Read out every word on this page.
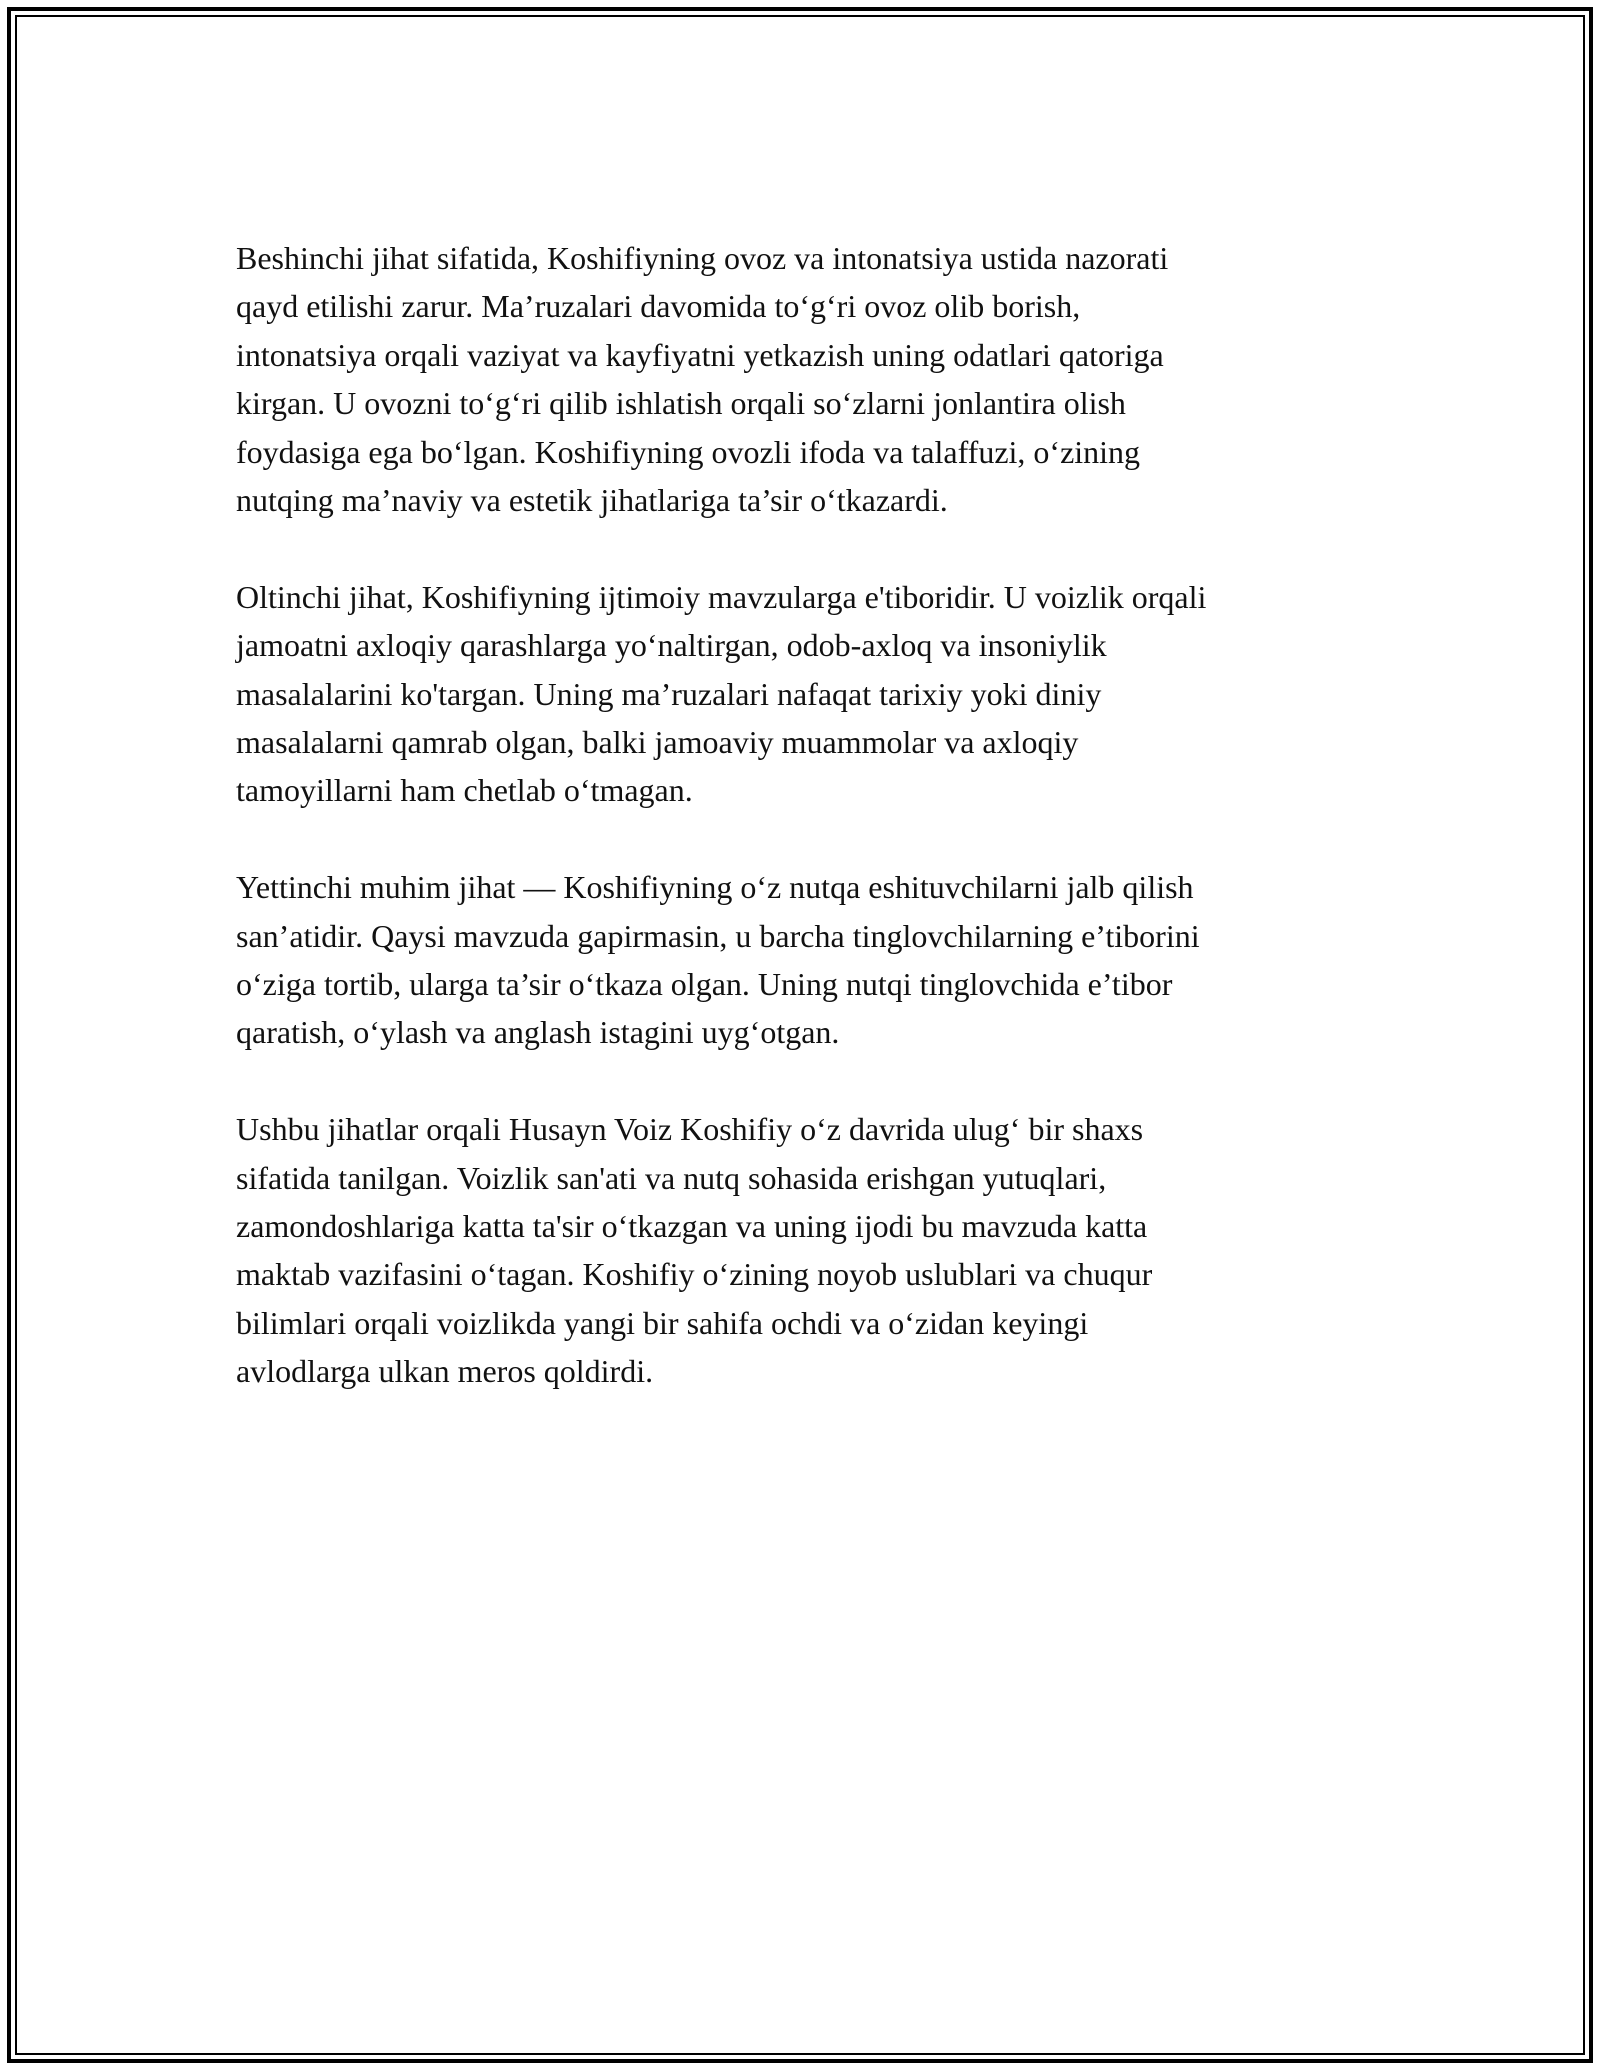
Beshinchi jihat sifatida, Koshifiyning ovoz va intonatsiya ustida nazorati
qayd etilishi zarur. Ma’ruzalari davomida to‘g‘ri ovoz olib borish,
intonatsiya orqali vaziyat va kayfiyatni yetkazish uning odatlari qatoriga
kirgan. U ovozni to‘g‘ri qilib ishlatish orqali so‘zlarni jonlantira olish
foydasiga ega bo‘lgan. Koshifiyning ovozli ifoda va talaffuzi, o‘zining
nutqing ma’naviy va estetik jihatlariga ta’sir o‘tkazardi.

Oltinchi jihat, Koshifiyning ijtimoiy mavzularga e'tiboridir. U voizlik orqali
jamoatni axloqiy qarashlarga yo‘naltirgan, odob-axloq va insoniylik
masalalarini ko'targan. Uning ma’ruzalari nafaqat tarixiy yoki diniy
masalalarni qamrab olgan, balki jamoaviy muammolar va axloqiy
tamoyillarni ham chetlab o‘tmagan.

Yettinchi muhim jihat — Koshifiyning o‘z nutqa eshituvchilarni jalb qilish
san’atidir. Qaysi mavzuda gapirmasin, u barcha tinglovchilarning e’tiborini
o‘ziga tortib, ularga ta’sir o‘tkaza olgan. Uning nutqi tinglovchida e’tibor
qaratish, o‘ylash va anglash istagini uyg‘otgan.

Ushbu jihatlar orqali Husayn Voiz Koshifiy o‘z davrida ulug‘ bir shaxs
sifatida tanilgan. Voizlik san'ati va nutq sohasida erishgan yutuqlari,
zamondoshlariga katta ta'sir o‘tkazgan va uning ijodi bu mavzuda katta
maktab vazifasini o‘tagan. Koshifiy o‘zining noyob uslublari va chuqur
bilimlari orqali voizlikda yangi bir sahifa ochdi va o‘zidan keyingi
avlodlarga ulkan meros qoldirdi.
